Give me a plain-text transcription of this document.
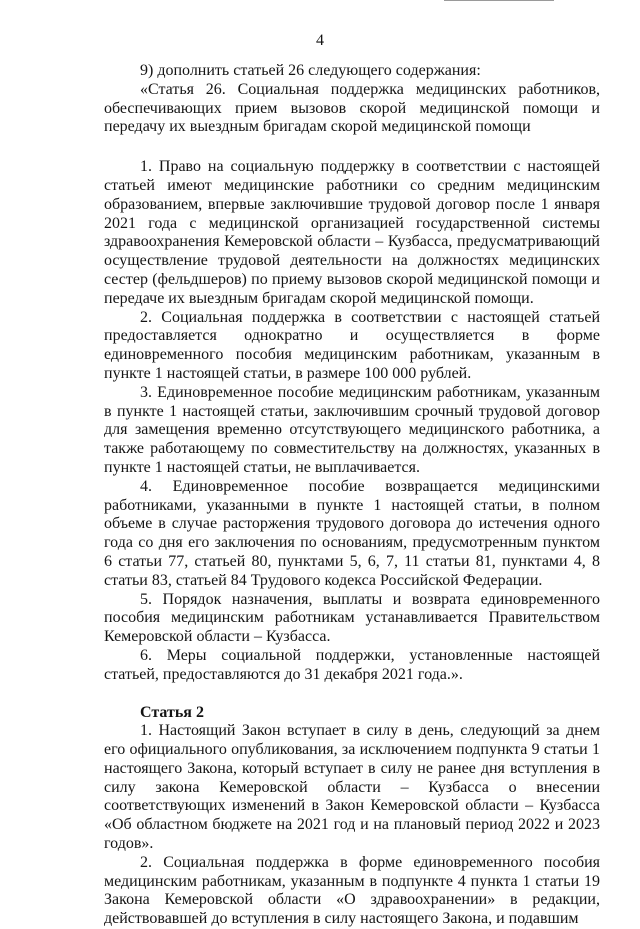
4

9) дополнить статьей 26 следующего содержания:

«Статья 26. Социальная поддержка медицинских работников, обеспечивающих прием вызовов скорой медицинской помощи и передачу их выездным бригадам скорой медицинской помощи

1. Право на социальную поддержку в соответствии с настоящей статьей имеют медицинские работники со средним медицинским образованием, впервые заключившие трудовой договор после 1 января 2021 года с медицинской организацией государственной системы здравоохранения Кемеровской области – Кузбасса, предусматривающий осуществление трудовой деятельности на должностях медицинских сестер (фельдшеров) по приему вызовов скорой медицинской помощи и передаче их выездным бригадам скорой медицинской помощи.

2. Социальная поддержка в соответствии с настоящей статьей предоставляется однократно и осуществляется в форме единовременного пособия медицинским работникам, указанным в пункте 1 настоящей статьи, в размере 100 000 рублей.

3. Единовременное пособие медицинским работникам, указанным в пункте 1 настоящей статьи, заключившим срочный трудовой договор для замещения временно отсутствующего медицинского работника, а также работающему по совместительству на должностях, указанных в пункте 1 настоящей статьи, не выплачивается.

4. Единовременное пособие возвращается медицинскими работниками, указанными в пункте 1 настоящей статьи, в полном объеме в случае расторжения трудового договора до истечения одного года со дня его заключения по основаниям, предусмотренным пунктом 6 статьи 77, статьей 80, пунктами 5, 6, 7, 11 статьи 81, пунктами 4, 8 статьи 83, статьей 84 Трудового кодекса Российской Федерации.

5. Порядок назначения, выплаты и возврата единовременного пособия медицинским работникам устанавливается Правительством Кемеровской области – Кузбасса.

6. Меры социальной поддержки, установленные настоящей статьей, предоставляются до 31 декабря 2021 года.».

Статья 2

1. Настоящий Закон вступает в силу в день, следующий за днем его официального опубликования, за исключением подпункта 9 статьи 1 настоящего Закона, который вступает в силу не ранее дня вступления в силу закона Кемеровской области – Кузбасса о внесении соответствующих изменений в Закон Кемеровской области – Кузбасса «Об областном бюджете на 2021 год и на плановый период 2022 и 2023 годов».

2. Социальная поддержка в форме единовременного пособия медицинским работникам, указанным в подпункте 4 пункта 1 статьи 19 Закона Кемеровской области «О здравоохранении» в редакции, действовавшей до вступления в силу настоящего Закона, и подавшим
